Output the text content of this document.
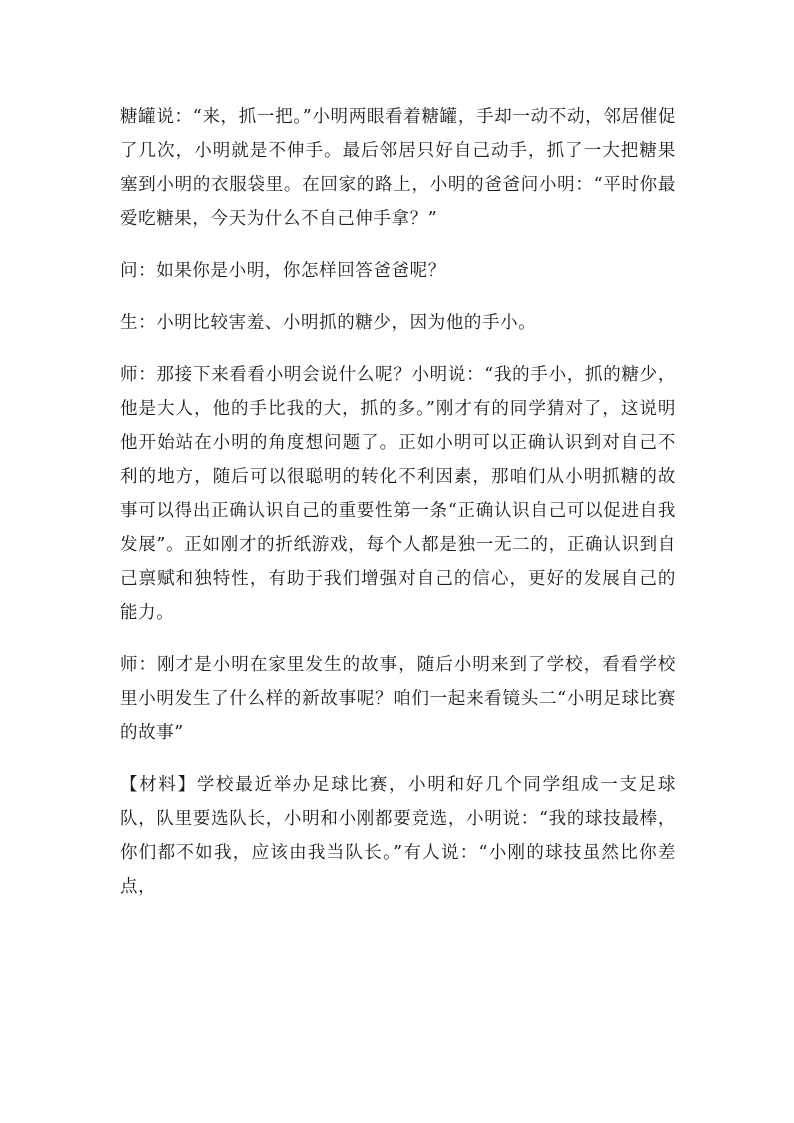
糖罐说：“来，抓一把。”小明两眼看着糖罐，手却一动不动，邻居催促了几次，小明就是不伸手。最后邻居只好自己动手，抓了一大把糖果塞到小明的衣服袋里。在回家的路上，小明的爸爸问小明：“平时你最爱吃糖果，今天为什么不自己伸手拿？”

问：如果你是小明，你怎样回答爸爸呢？

生：小明比较害羞、小明抓的糖少，因为他的手小。

师：那接下来看看小明会说什么呢？小明说：“我的手小，抓的糖少，他是大人，他的手比我的大，抓的多。”刚才有的同学猜对了，这说明他开始站在小明的角度想问题了。正如小明可以正确认识到对自己不利的地方，随后可以很聪明的转化不利因素，那咱们从小明抓糖的故事可以得出正确认识自己的重要性第一条“正确认识自己可以促进自我发展”。正如刚才的折纸游戏，每个人都是独一无二的，正确认识到自己禀赋和独特性，有助于我们增强对自己的信心，更好的发展自己的能力。

师：刚才是小明在家里发生的故事，随后小明来到了学校，看看学校里小明发生了什么样的新故事呢？咱们一起来看镜头二“小明足球比赛的故事”

【材料】学校最近举办足球比赛，小明和好几个同学组成一支足球队，队里要选队长，小明和小刚都要竞选，小明说：“我的球技最棒，你们都不如我，应该由我当队长。”有人说：“小刚的球技虽然比你差点，
